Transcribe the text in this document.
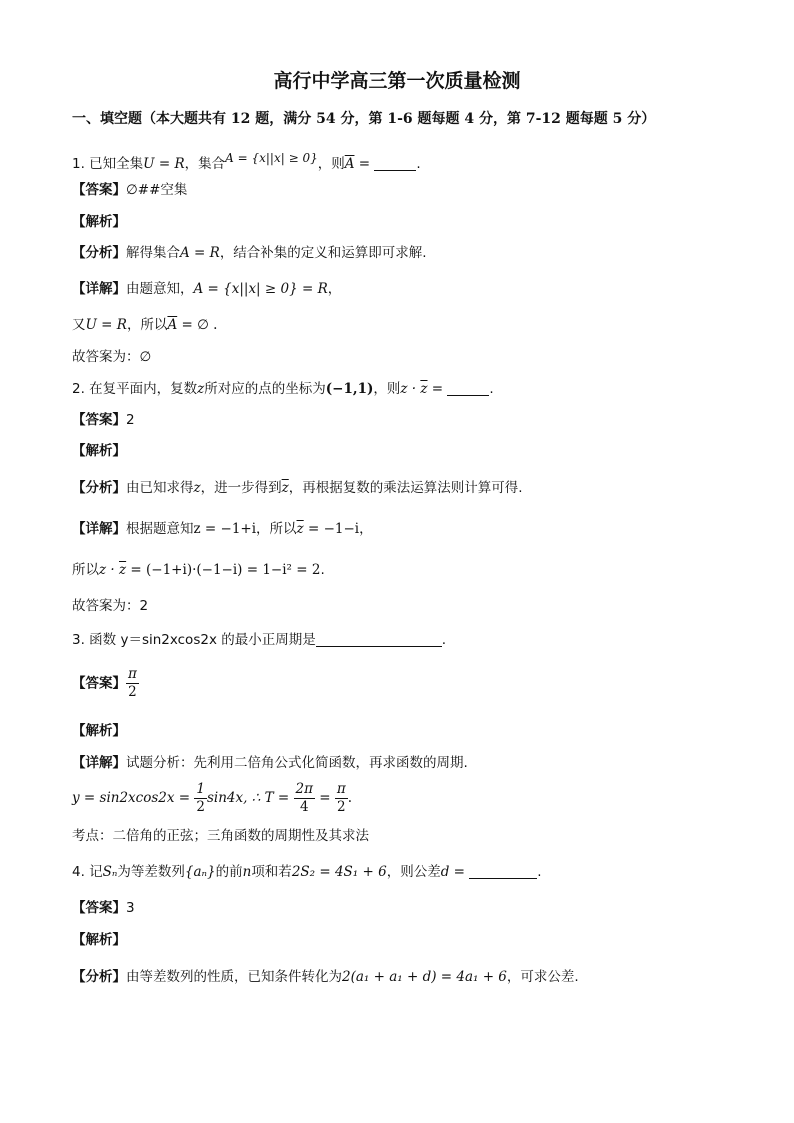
高行中学高三第一次质量检测
一、填空题（本大题共有 12 题，满分 54 分，第 1-6 题每题 4 分，第 7-12 题每题 5 分）
1. 已知全集U = R，集合A = {x||x| ≥ 0}，则$\overline{A}$ =	.
【答案】∅##空集
【解析】
【分析】解得集合A = R，结合补集的定义和运算即可求解.
【详解】由题意知，A = {x||x| ≥ 0} = R，
又U = R，所以$\overline{A}$ = ∅ .
故答案为：∅
2. 在复平面内，复数z所对应的点的坐标为(−1,1)，则$z \cdot \overline{z}$ =	.
【答案】2
【解析】
【分析】由已知求得z，进一步得到$\overline{z}$，再根据复数的乘法运算法则计算可得.
【详解】根据题意知z = −1+i，所以$\overline{z} = -1-i$，
所以$z \cdot \overline{z} = (-1+i)\cdot(-1-i) = 1-i^2 = 2$.
故答案为：2
3. 函数 y＝sin2xcos2x 的最小正周期是	.
【答案】 $\frac{\pi}{2}$
【解析】
【详解】试题分析：先利用二倍角公式化简函数，再求函数的周期.
$y = \sin 2xcos2x = \frac{1}{2} \sin 4x$, ∴ $T = \frac{2\pi}{4} = \frac{\pi}{2}$ .
考点：二倍角的正弦；三角函数的周期性及其求法
4. 记Sₙ为等差数列{aₙ}的前n项和若2S₂ = 4S₁ + 6，则公差d =	.
【答案】3
【解析】
【分析】由等差数列的性质，已知条件转化为2(a₁ + a₁ + d) = 4a₁ + 6，可求公差.
